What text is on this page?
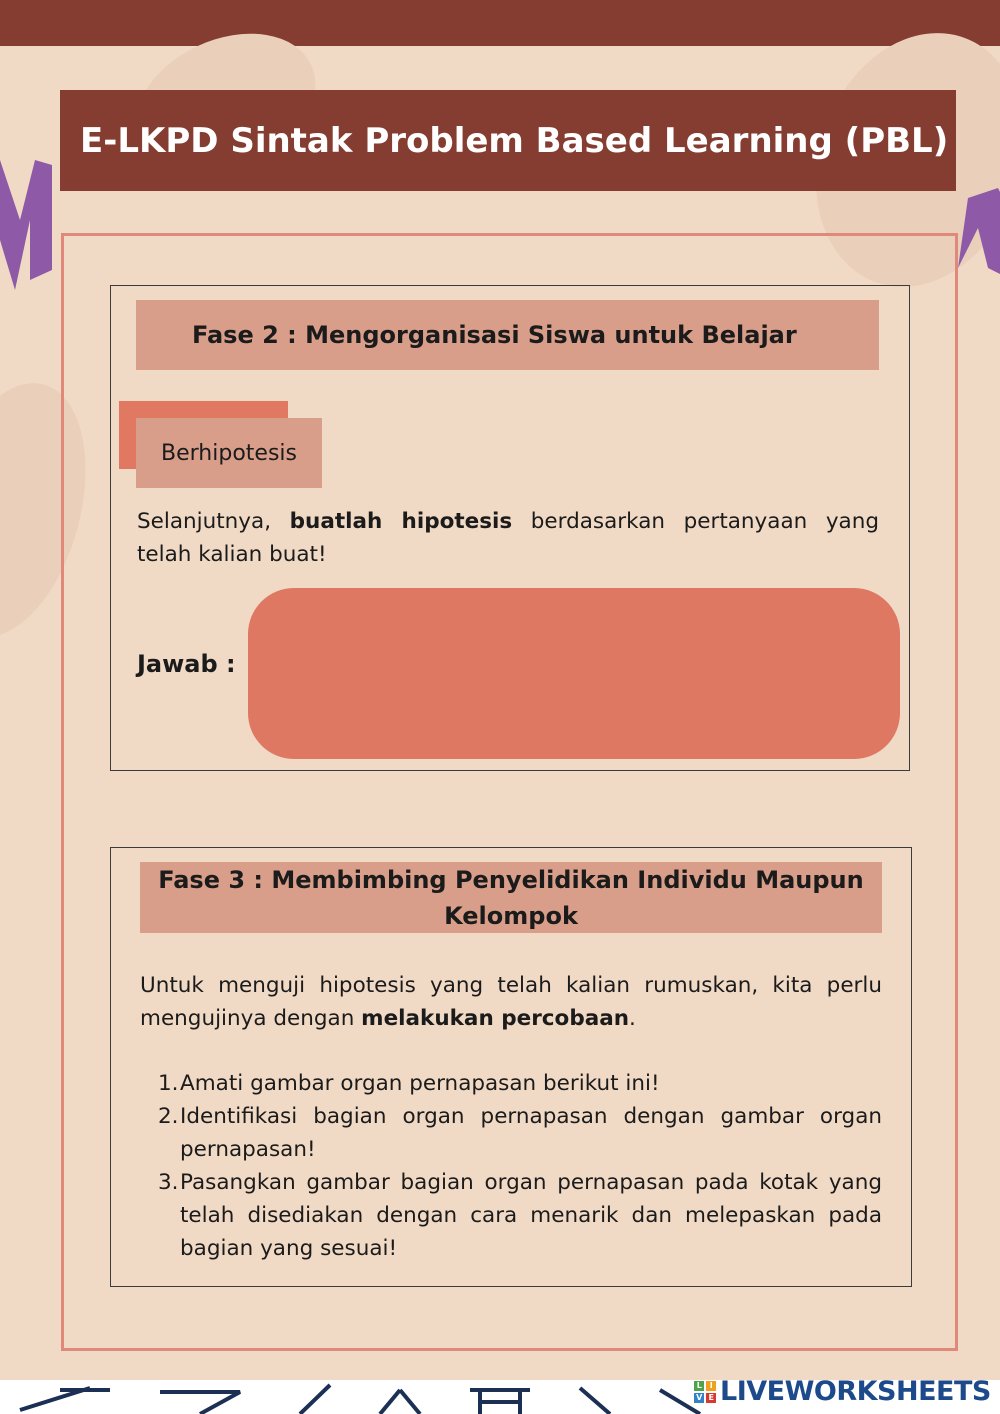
E-LKPD Sintak Problem Based Learning (PBL)
Fase 2 : Mengorganisasi Siswa untuk Belajar
Berhipotesis
Selanjutnya, buatlah hipotesis berdasarkan pertanyaan yang telah kalian buat!
Jawab :
Fase 3 : Membimbing Penyelidikan Individu Maupun Kelompok
Untuk menguji hipotesis yang telah kalian rumuskan, kita perlu mengujinya dengan melakukan percobaan.
1. Amati gambar organ pernapasan berikut ini!
2. Identifikasi bagian organ pernapasan dengan gambar organ pernapasan!
3. Pasangkan gambar bagian organ pernapasan pada kotak yang telah disediakan dengan cara menarik dan melepaskan pada bagian yang sesuai!
L	I
V E LIVEWORKSHEETS
